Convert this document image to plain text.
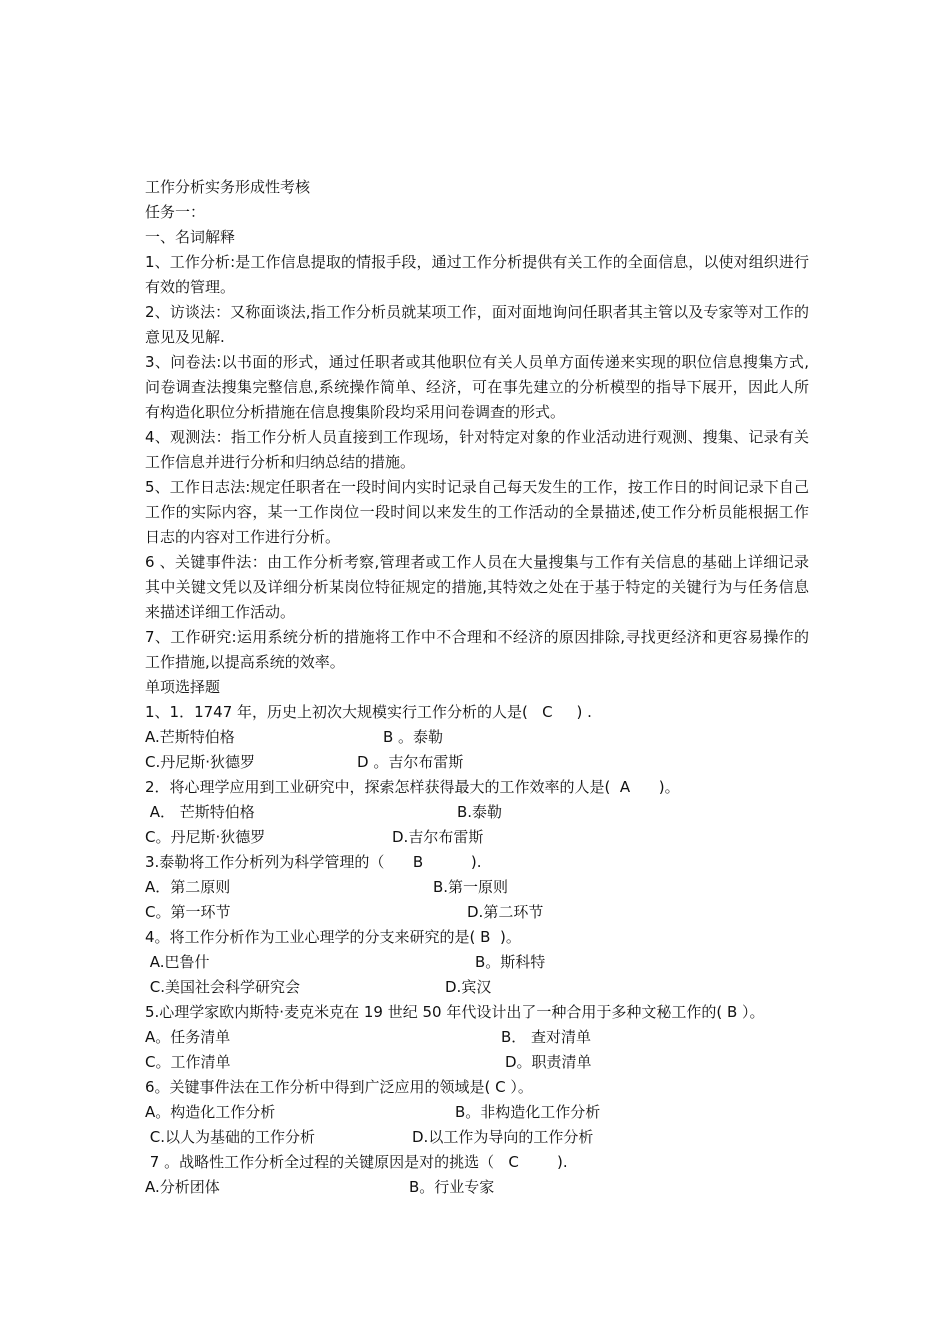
工作分析实务形成性考核
任务一：
一、名词解释
1、工作分析:是工作信息提取的情报手段，通过工作分析提供有关工作的全面信息，以使对组织进行有效的管理。
2、访谈法：又称面谈法,指工作分析员就某项工作，面对面地询问任职者其主管以及专家等对工作的意见及见解.
3、问卷法:以书面的形式，通过任职者或其他职位有关人员单方面传递来实现的职位信息搜集方式,问卷调查法搜集完整信息,系统操作简单、经济，可在事先建立的分析模型的指导下展开，因此人所有构造化职位分析措施在信息搜集阶段均采用问卷调查的形式。
4、观测法：指工作分析人员直接到工作现场，针对特定对象的作业活动进行观测、搜集、记录有关工作信息并进行分析和归纳总结的措施。
5、工作日志法:规定任职者在一段时间内实时记录自己每天发生的工作，按工作日的时间记录下自己工作的实际内容，某一工作岗位一段时间以来发生的工作活动的全景描述,使工作分析员能根据工作日志的内容对工作进行分析。
6 、关键事件法：由工作分析考察,管理者或工作人员在大量搜集与工作有关信息的基础上详细记录其中关键文凭以及详细分析某岗位特征规定的措施,其特效之处在于基于特定的关键行为与任务信息来描述详细工作活动。
7、工作研究:运用系统分析的措施将工作中不合理和不经济的原因排除,寻找更经济和更容易操作的工作措施,以提高系统的效率。
单项选择题
1、1．1747 年，历史上初次大规模实行工作分析的人是(   C     ) .

A.芒斯特伯格

	B 。泰勒

C.丹尼斯·狄德罗

	D 。吉尔布雷斯

2．将心理学应用到工业研究中，探索怎样获得最大的工作效率的人是(  A      )。

A． 芒斯特伯格

	B.泰勒

C。丹尼斯·狄德罗

	D.吉尔布雷斯

3.泰勒将工作分析列为科学管理的（      B          ).

A．第二原则

	B.第一原则

C。第一环节

	D.第二环节

4。将工作分析作为工业心理学的分支来研究的是( B  )。

A.巴鲁什

	B。斯科特

C.美国社会科学研究会

	D.宾汉

5.心理学家欧内斯特·麦克米克在 19 世纪 50 年代设计出了一种合用于多种文秘工作的( B ）。

A。任务清单

	B． 查对清单

C。工作清单

	D。职责清单

6。关键事件法在工作分析中得到广泛应用的领域是( C ）。

A。构造化工作分析

	B。非构造化工作分析

C.以人为基础的工作分析

	D.以工作为导向的工作分析

7 。战略性工作分析全过程的关键原因是对的挑选（   C        ).

A.分析团体

	B。行业专家
